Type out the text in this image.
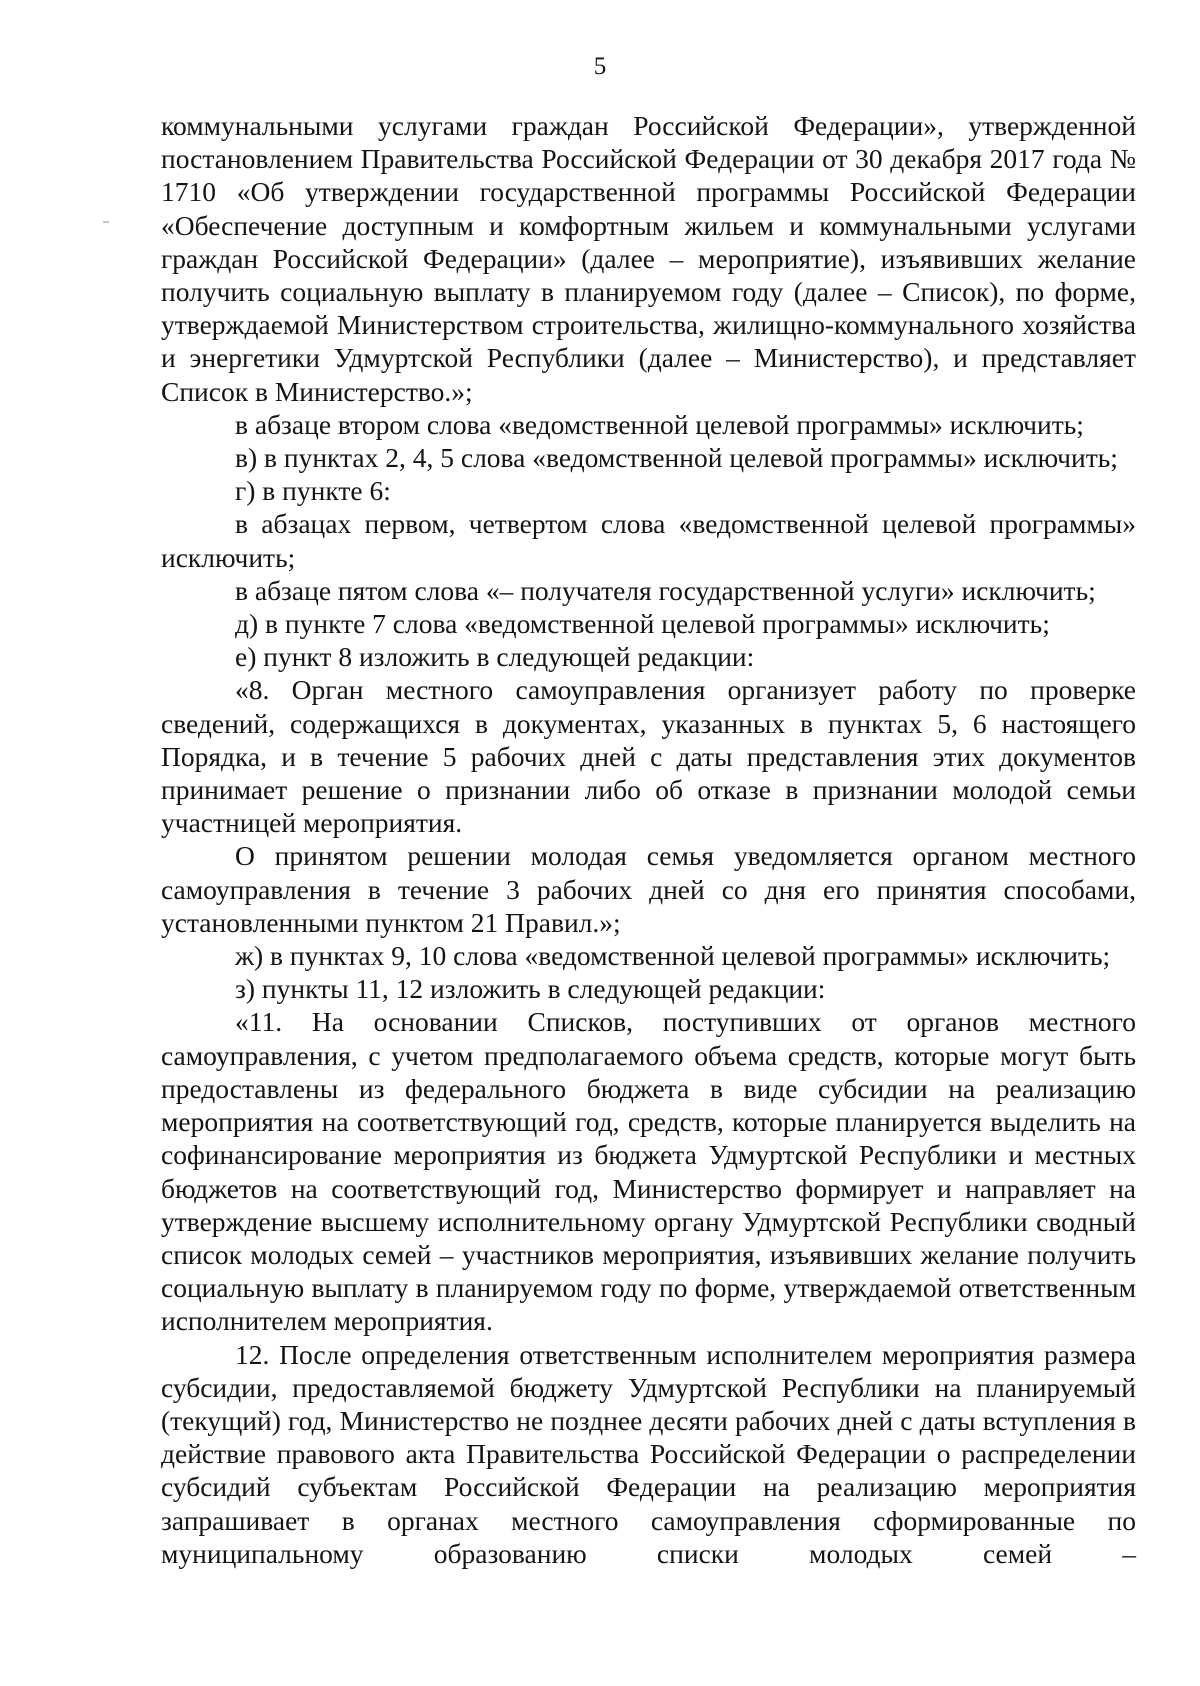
5

коммунальными услугами граждан Российской Федерации», утвержденной постановлением Правительства Российской Федерации от 30 декабря 2017 года № 1710 «Об утверждении государственной программы Российской Федерации «Обеспечение доступным и комфортным жильем и коммунальными услугами граждан Российской Федерации» (далее – мероприятие), изъявивших желание получить социальную выплату в планируемом году (далее – Список), по форме, утверждаемой Министерством строительства, жилищно-коммунального хозяйства и энергетики Удмуртской Республики (далее – Министерство), и представляет Список в Министерство.»;

в абзаце втором слова «ведомственной целевой программы» исключить;

в) в пунктах 2, 4, 5 слова «ведомственной целевой программы» исключить;

г) в пункте 6:

в абзацах первом, четвертом слова «ведомственной целевой программы» исключить;

в абзаце пятом слова «– получателя государственной услуги» исключить;

д) в пункте 7 слова «ведомственной целевой программы» исключить;

е) пункт 8 изложить в следующей редакции:

«8. Орган местного самоуправления организует работу по проверке сведений, содержащихся в документах, указанных в пунктах 5, 6 настоящего Порядка, и в течение 5 рабочих дней с даты представления этих документов принимает решение о признании либо об отказе в признании молодой семьи участницей мероприятия.

О принятом решении молодая семья уведомляется органом местного самоуправления в течение 3 рабочих дней со дня его принятия способами, установленными пунктом 21 Правил.»;

ж) в пунктах 9, 10 слова «ведомственной целевой программы» исключить;

з) пункты 11, 12 изложить в следующей редакции:

«11. На основании Списков, поступивших от органов местного самоуправления, с учетом предполагаемого объема средств, которые могут быть предоставлены из федерального бюджета в виде субсидии на реализацию мероприятия на соответствующий год, средств, которые планируется выделить на софинансирование мероприятия из бюджета Удмуртской Республики и местных бюджетов на соответствующий год, Министерство формирует и направляет на утверждение высшему исполнительному органу Удмуртской Республики сводный список молодых семей – участников мероприятия, изъявивших желание получить социальную выплату в планируемом году по форме, утверждаемой ответственным исполнителем мероприятия.

12. После определения ответственным исполнителем мероприятия размера субсидии, предоставляемой бюджету Удмуртской Республики на планируемый (текущий) год, Министерство не позднее десяти рабочих дней с даты вступления в действие правового акта Правительства Российской Федерации о распределении субсидий субъектам Российской Федерации на реализацию мероприятия запрашивает в органах местного самоуправления сформированные по муниципальному образованию списки молодых семей –
